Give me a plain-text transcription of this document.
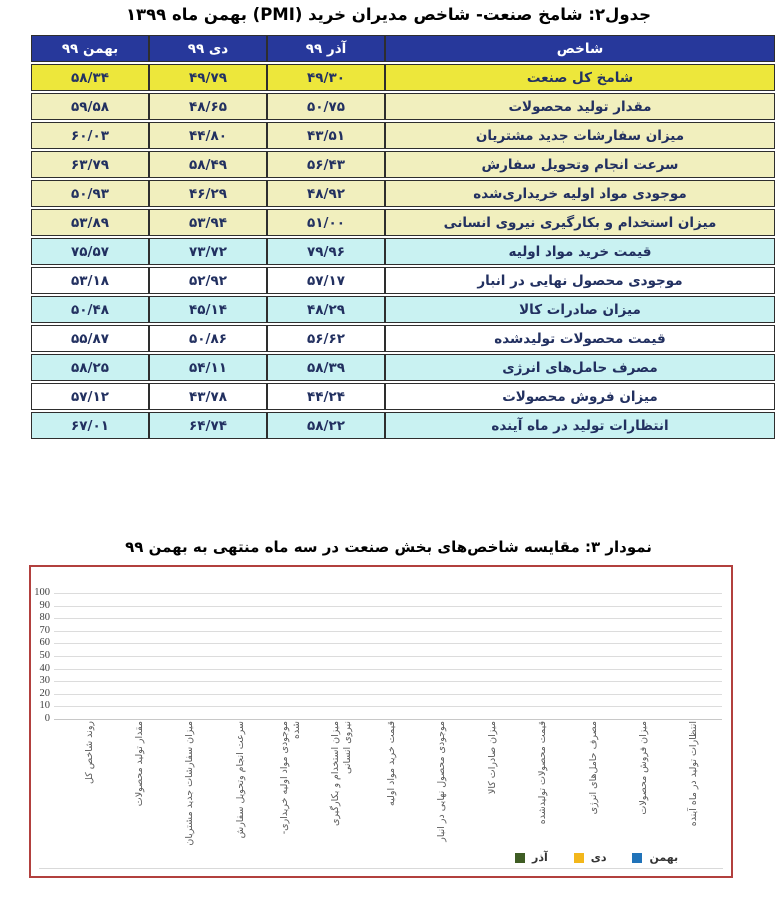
جدول۲: شامخ صنعت- شاخص مدیران خرید (PMI) بهمن ماه ۱۳۹۹
شاخص	آذر ۹۹	دی ۹۹	بهمن ۹۹
شامخ کل صنعت	۴۹/۳۰	۴۹/۷۹	۵۸/۳۴
مقدار تولید محصولات	۵۰/۷۵	۴۸/۶۵	۵۹/۵۸
میزان سفارشات جدید مشتریان	۴۳/۵۱	۴۴/۸۰	۶۰/۰۳
سرعت انجام وتحویل سفارش	۵۶/۴۳	۵۸/۴۹	۶۳/۷۹
موجودی مواد اولیه خریداری‌شده	۴۸/۹۲	۴۶/۲۹	۵۰/۹۳
میزان استخدام و بکارگیری نیروی انسانی	۵۱/۰۰	۵۳/۹۴	۵۳/۸۹
قیمت خرید مواد اولیه	۷۹/۹۶	۷۳/۷۲	۷۵/۵۷
موجودی محصول نهایی در انبار	۵۷/۱۷	۵۲/۹۲	۵۳/۱۸
میزان صادرات کالا	۴۸/۲۹	۴۵/۱۴	۵۰/۴۸
قیمت محصولات تولیدشده	۵۶/۶۲	۵۰/۸۶	۵۵/۸۷
مصرف حامل‌های انرژی	۵۸/۳۹	۵۴/۱۱	۵۸/۲۵
میزان فروش محصولات	۴۴/۲۴	۴۳/۷۸	۵۷/۱۲
انتظارات تولید در ماه آینده	۵۸/۲۲	۶۴/۷۴	۶۷/۰۱
نمودار ۳: مقایسه شاخص‌های بخش صنعت در سه ماه منتهی به بهمن ۹۹
0
10
20
30
40
50
60
70
80
90
100
روند شاخص کل	مقدار تولید محصولات	میزان سفارشات جدید مشتریان	سرعت انجام وتحویل سفارش	موجودی مواد اولیه خریداری- شده	میزان استخدام و بکارگیری نیروی انسانی	قیمت خرید مواد اولیه	موجودی محصول نهایی در انبار	میزان صادرات کالا	قیمت محصولات تولیدشده	مصرف حامل‌های انرژی	میزان فروش محصولات	انتظارات تولید در ماه آینده
آذر	دی	بهمن
